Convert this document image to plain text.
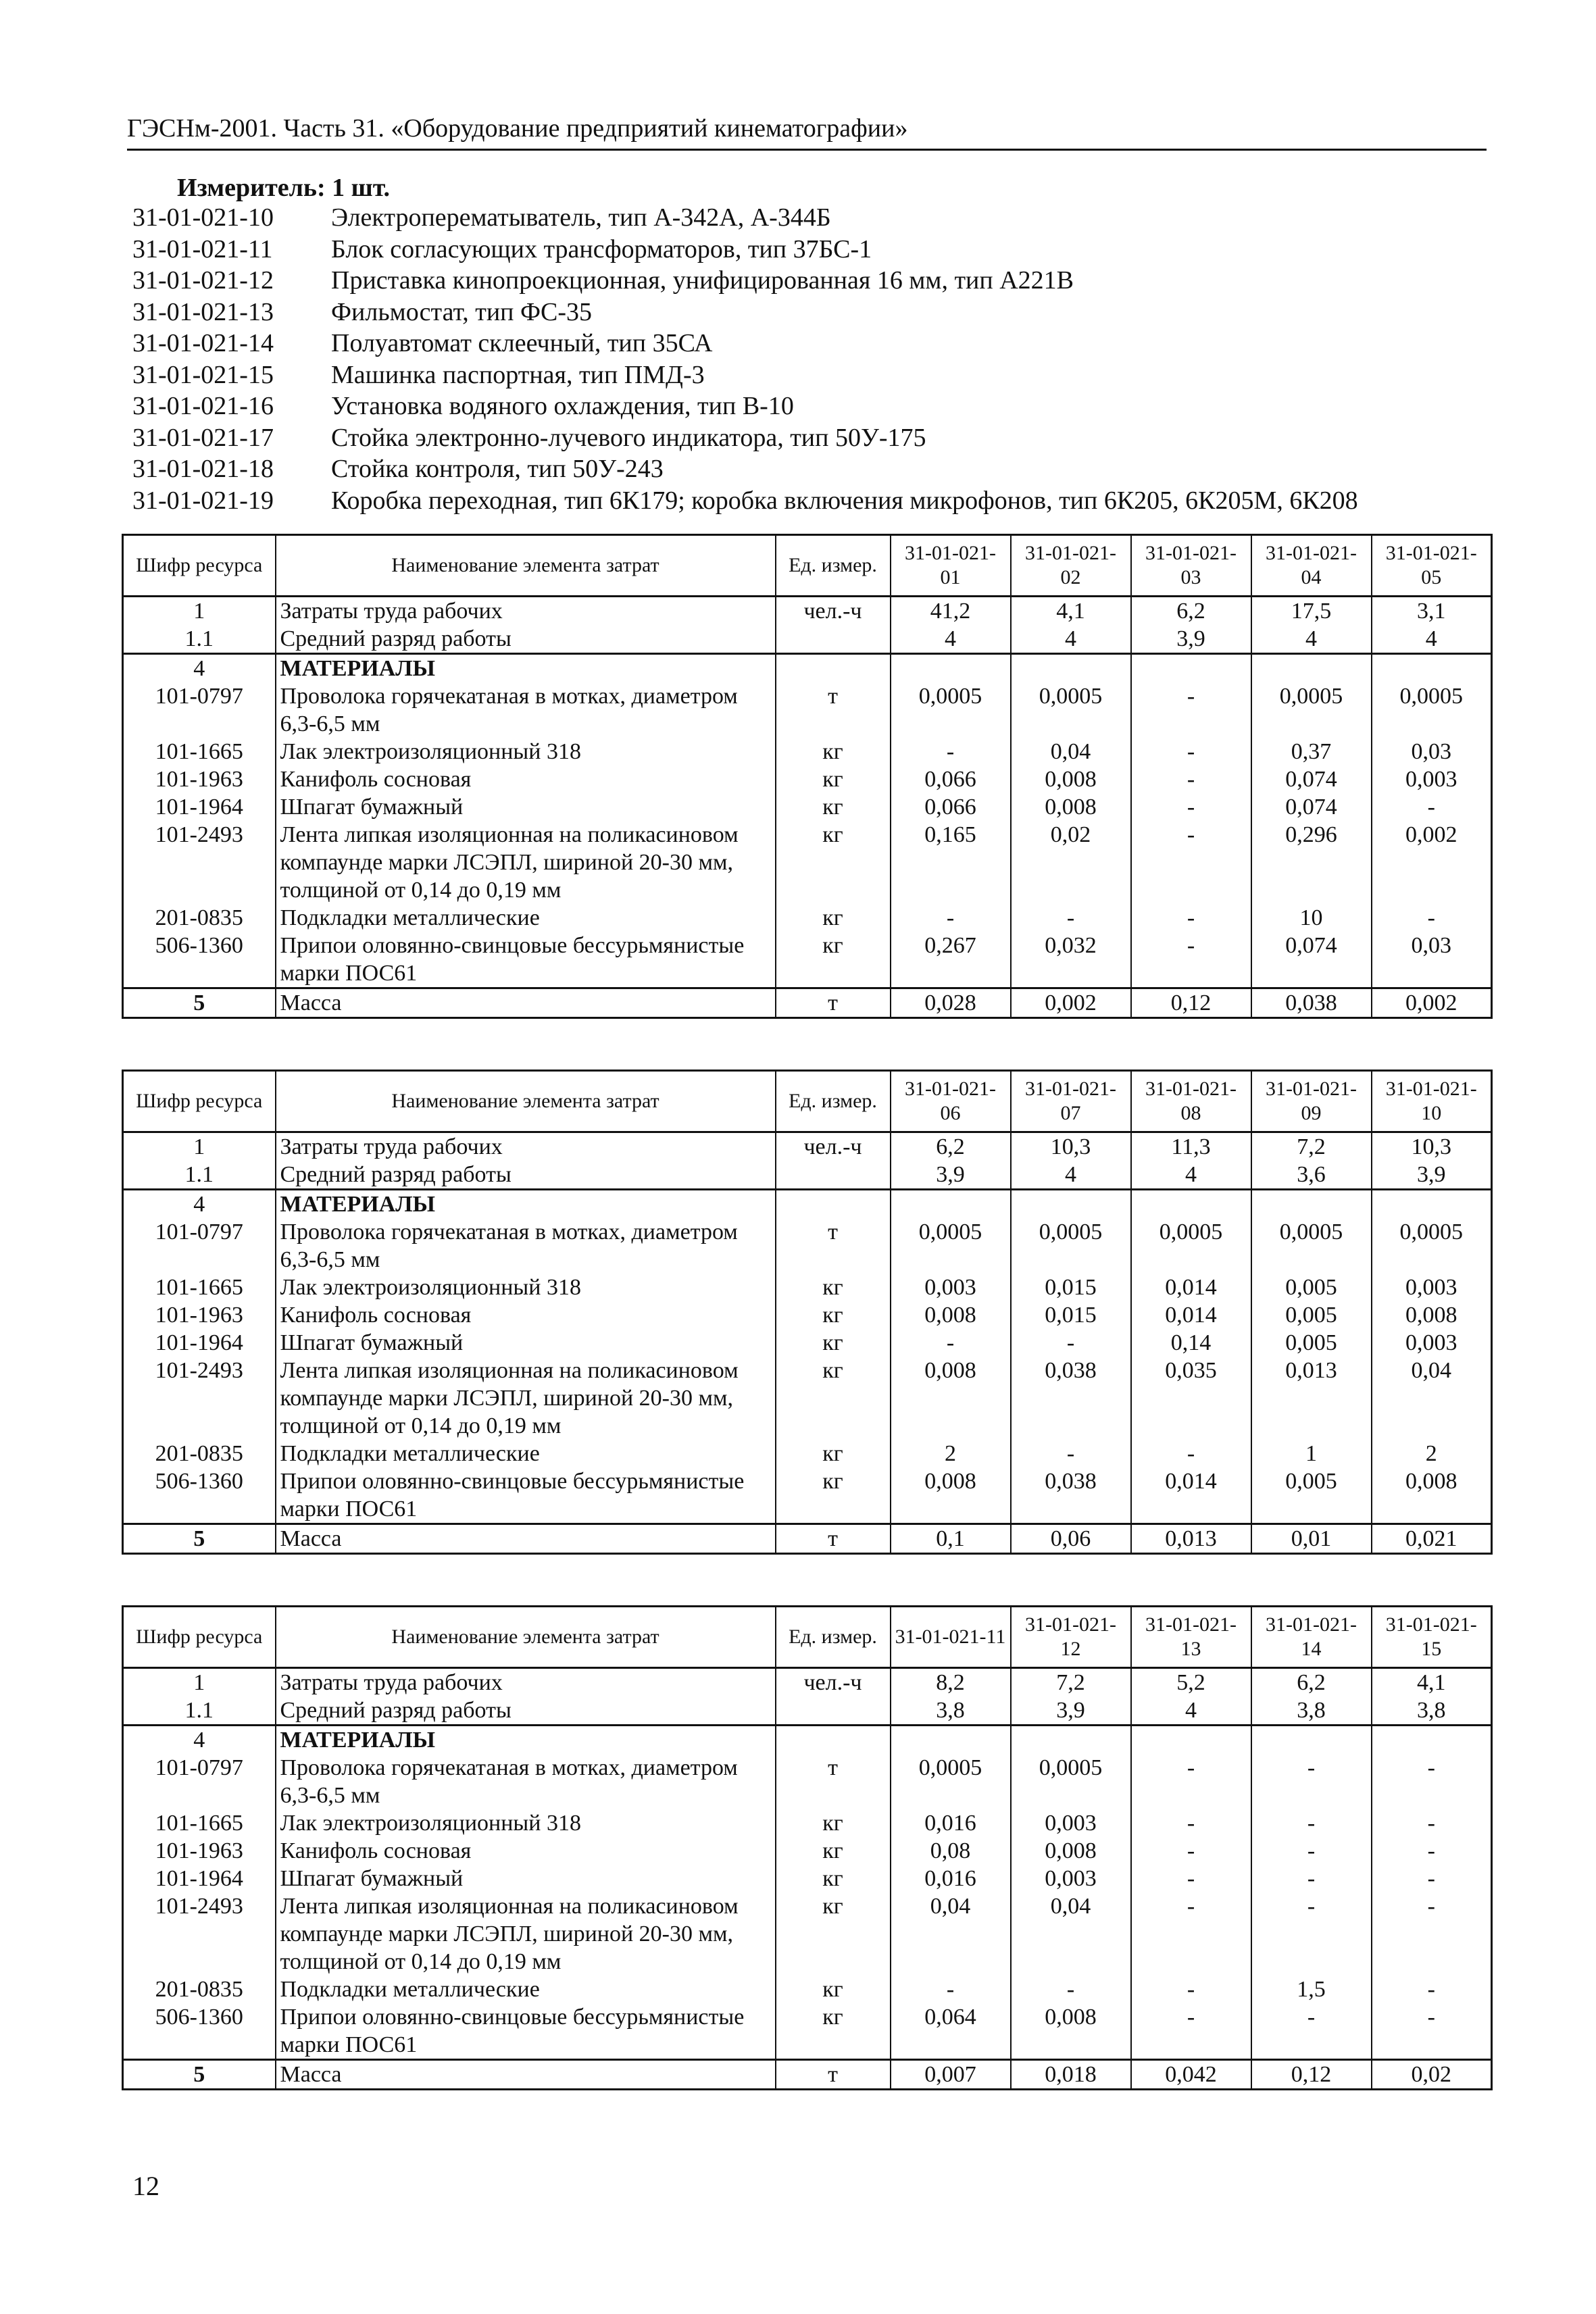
ГЭСНм-2001. Часть 31. «Оборудование предприятий кинематографии»
Измеритель: 1 шт.
31-01-021-10	Электроперематыватель, тип А-342А, А-344Б
31-01-021-11	Блок согласующих трансформаторов, тип 37БС-1
31-01-021-12	Приставка кинопроекционная, унифицированная 16 мм, тип А221В
31-01-021-13	Фильмостат, тип ФС-35
31-01-021-14	Полуавтомат склеечный, тип 35СА
31-01-021-15	Машинка паспортная, тип ПМД-3
31-01-021-16	Установка водяного охлаждения, тип В-10
31-01-021-17	Стойка электронно-лучевого индикатора, тип 50У-175
31-01-021-18	Стойка контроля, тип 50У-243
31-01-021-19	Коробка переходная, тип 6К179; коробка включения микрофонов, тип 6К205, 6К205М, 6К208
Шифр ресурса	Наименование элемента затрат	Ед. измер.	31-01-021-01	31-01-021-02	31-01-021-03	31-01-021-04	31-01-021-05
1	Затраты труда рабочих	чел.-ч	41,2	4,1	6,2	17,5	3,1
1.1	Средний разряд работы		4	4	3,9	4	4
4	МАТЕРИАЛЫ						
101-0797	Проволока горячекатаная в мотках, диаметром 6,3-6,5 мм	т	0,0005	0,0005	-	0,0005	0,0005
101-1665	Лак электроизоляционный 318	кг	-	0,04	-	0,37	0,03
101-1963	Канифоль сосновая	кг	0,066	0,008	-	0,074	0,003
101-1964	Шпагат бумажный	кг	0,066	0,008	-	0,074	-
101-2493	Лента липкая изоляционная на поликасиновом компаунде марки ЛСЭПЛ, шириной 20-30 мм, толщиной от 0,14 до 0,19 мм	кг	0,165	0,02	-	0,296	0,002
201-0835	Подкладки металлические	кг	-	-	-	10	-
506-1360	Припои оловянно-свинцовые бессурьмянистые марки ПОС61	кг	0,267	0,032	-	0,074	0,03
5	Масса	т	0,028	0,002	0,12	0,038	0,002
Шифр ресурса	Наименование элемента затрат	Ед. измер.	31-01-021-06	31-01-021-07	31-01-021-08	31-01-021-09	31-01-021-10
1	Затраты труда рабочих	чел.-ч	6,2	10,3	11,3	7,2	10,3
1.1	Средний разряд работы		3,9	4	4	3,6	3,9
4	МАТЕРИАЛЫ						
101-0797	Проволока горячекатаная в мотках, диаметром 6,3-6,5 мм	т	0,0005	0,0005	0,0005	0,0005	0,0005
101-1665	Лак электроизоляционный 318	кг	0,003	0,015	0,014	0,005	0,003
101-1963	Канифоль сосновая	кг	0,008	0,015	0,014	0,005	0,008
101-1964	Шпагат бумажный	кг	-	-	0,14	0,005	0,003
101-2493	Лента липкая изоляционная на поликасиновом компаунде марки ЛСЭПЛ, шириной 20-30 мм, толщиной от 0,14 до 0,19 мм	кг	0,008	0,038	0,035	0,013	0,04
201-0835	Подкладки металлические	кг	2	-	-	1	2
506-1360	Припои оловянно-свинцовые бессурьмянистые марки ПОС61	кг	0,008	0,038	0,014	0,005	0,008
5	Масса	т	0,1	0,06	0,013	0,01	0,021
Шифр ресурса	Наименование элемента затрат	Ед. измер.	31-01-021-11	31-01-021-12	31-01-021-13	31-01-021-14	31-01-021-15
1	Затраты труда рабочих	чел.-ч	8,2	7,2	5,2	6,2	4,1
1.1	Средний разряд работы		3,8	3,9	4	3,8	3,8
4	МАТЕРИАЛЫ						
101-0797	Проволока горячекатаная в мотках, диаметром 6,3-6,5 мм	т	0,0005	0,0005	-	-	-
101-1665	Лак электроизоляционный 318	кг	0,016	0,003	-	-	-
101-1963	Канифоль сосновая	кг	0,08	0,008	-	-	-
101-1964	Шпагат бумажный	кг	0,016	0,003	-	-	-
101-2493	Лента липкая изоляционная на поликасиновом компаунде марки ЛСЭПЛ, шириной 20-30 мм, толщиной от 0,14 до 0,19 мм	кг	0,04	0,04	-	-	-
201-0835	Подкладки металлические	кг	-	-	-	1,5	-
506-1360	Припои оловянно-свинцовые бессурьмянистые марки ПОС61	кг	0,064	0,008	-	-	-
5	Масса	т	0,007	0,018	0,042	0,12	0,02
12
